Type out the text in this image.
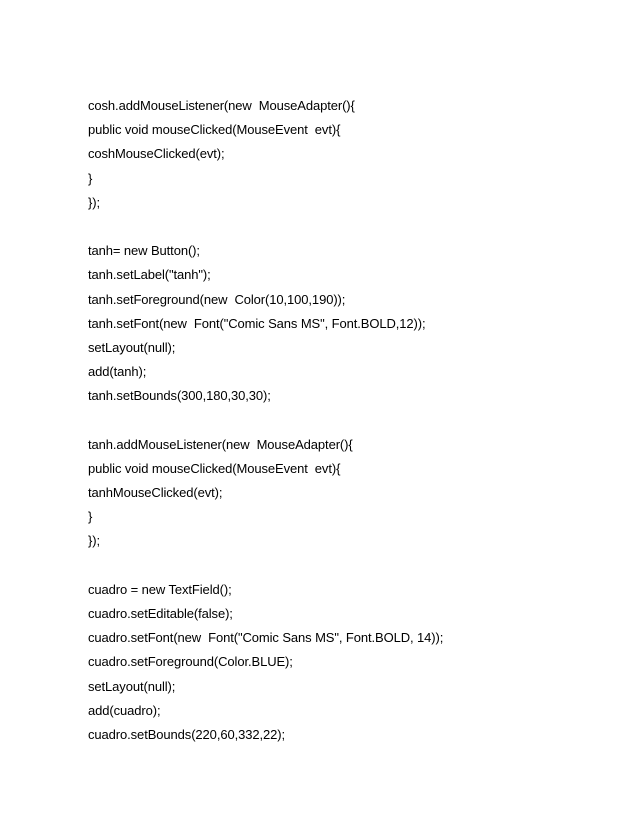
cosh.addMouseListener(new  MouseAdapter(){
public void mouseClicked(MouseEvent  evt){
coshMouseClicked(evt);
}
});
tanh= new Button();
tanh.setLabel("tanh");
tanh.setForeground(new  Color(10,100,190));
tanh.setFont(new  Font("Comic Sans MS", Font.BOLD,12));
setLayout(null);
add(tanh);
tanh.setBounds(300,180,30,30);
tanh.addMouseListener(new  MouseAdapter(){
public void mouseClicked(MouseEvent  evt){
tanhMouseClicked(evt);
}
});
cuadro = new TextField();
cuadro.setEditable(false);
cuadro.setFont(new  Font("Comic Sans MS", Font.BOLD, 14));
cuadro.setForeground(Color.BLUE);
setLayout(null);
add(cuadro);
cuadro.setBounds(220,60,332,22);
